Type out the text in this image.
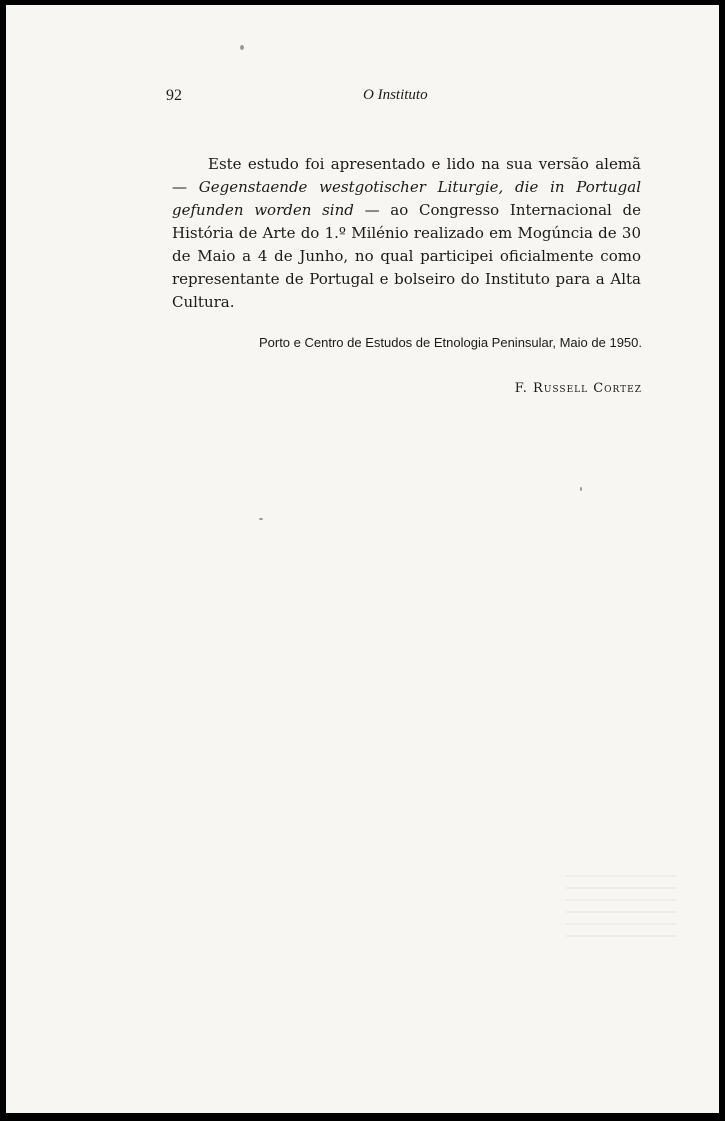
92	O Instituto

Este estudo foi apresentado e lido na sua versão alemã — Gegenstaende westgotischer Liturgie, die in Portugal gefunden worden sind — ao Congresso Internacional de História de Arte do 1.º Milénio realizado em Mogúncia de 30 de Maio a 4 de Junho, no qual participei oficialmente como representante de Portugal e bolseiro do Instituto para a Alta Cultura.

Porto e Centro de Estudos de Etnologia Peninsular, Maio de 1950.
F. Russell Cortez
